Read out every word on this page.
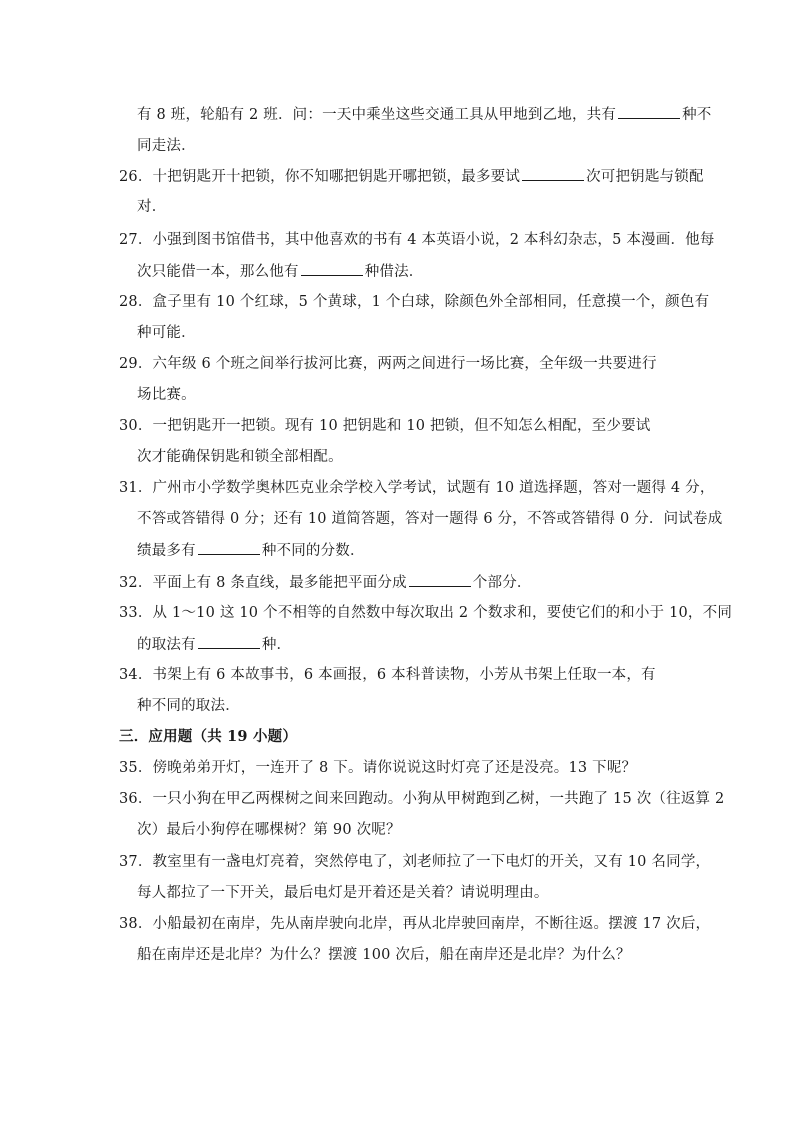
有 8 班，轮船有 2 班．问：一天中乘坐这些交通工具从甲地到乙地，共有	种不
同走法．
26．十把钥匙开十把锁，你不知哪把钥匙开哪把锁，最多要试	次可把钥匙与锁配
对．
27．小强到图书馆借书，其中他喜欢的书有 4 本英语小说，2 本科幻杂志，5 本漫画．他每
次只能借一本，那么他有	种借法．
28．盒子里有 10 个红球，5 个黄球，1 个白球，除颜色外全部相同，任意摸一个，颜色有
种可能．
29．六年级 6 个班之间举行拔河比赛，两两之间进行一场比赛，全年级一共要进行
场比赛。
30．一把钥匙开一把锁。现有 10 把钥匙和 10 把锁，但不知怎么相配，至少要试
次才能确保钥匙和锁全部相配。
31．广州市小学数学奥林匹克业余学校入学考试，试题有 10 道选择题，答对一题得 4 分，
不答或答错得 0 分；还有 10 道简答题，答对一题得 6 分，不答或答错得 0 分．问试卷成
绩最多有	种不同的分数．
32．平面上有 8 条直线，最多能把平面分成	个部分．
33．从 1～10 这 10 个不相等的自然数中每次取出 2 个数求和，要使它们的和小于 10，不同
的取法有	种．
34．书架上有 6 本故事书，6 本画报，6 本科普读物，小芳从书架上任取一本，有
种不同的取法．
三．应用题（共 19 小题）
35．傍晚弟弟开灯，一连开了 8 下。请你说说这时灯亮了还是没亮。13 下呢？
36．一只小狗在甲乙两棵树之间来回跑动。小狗从甲树跑到乙树，一共跑了 15 次（往返算 2
次）最后小狗停在哪棵树？第 90 次呢？
37．教室里有一盏电灯亮着，突然停电了，刘老师拉了一下电灯的开关，又有 10 名同学，
每人都拉了一下开关，最后电灯是开着还是关着？请说明理由。
38．小船最初在南岸，先从南岸驶向北岸，再从北岸驶回南岸，不断往返。摆渡 17 次后，
船在南岸还是北岸？为什么？摆渡 100 次后，船在南岸还是北岸？为什么？
